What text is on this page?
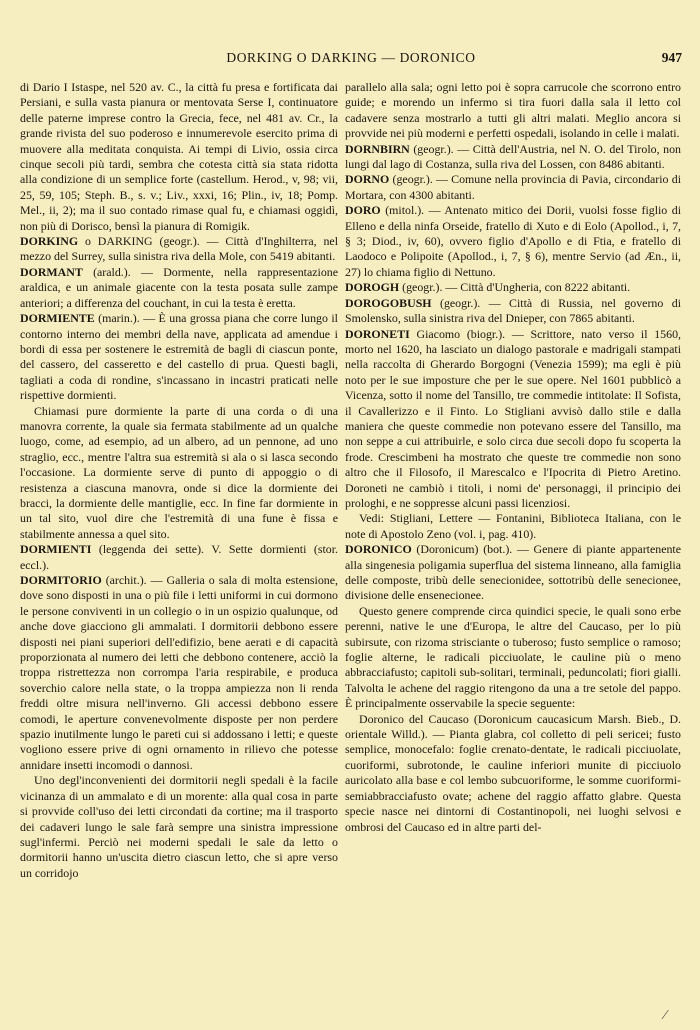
DORKING O DARKING — DORONICO	947

di Dario I Istaspe, nel 520 av. C., la città fu presa e fortificata dai Persiani, e sulla vasta pianura or mentovata Serse I, continuatore delle paterne imprese contro la Grecia, fece, nel 481 av. Cr., la grande rivista del suo poderoso e innumerevole esercito prima di muovere alla meditata conquista. Ai tempi di Livio, ossia circa cinque secoli più tardi, sembra che cotesta città sia stata ridotta alla condizione di un semplice forte (castellum. Herod., v, 98; vii, 25, 59, 105; Steph. B., s. v.; Liv., xxxi, 16; Plin., iv, 18; Pomp. Mel., ii, 2); ma il suo contado rimase qual fu, e chiamasi oggidì, non più di Dorisco, bensì la pianura di Romigik.

DORKING o DARKING (geogr.). — Città d'Inghilterra, nel mezzo del Surrey, sulla sinistra riva della Mole, con 5419 abitanti.

DORMANT (arald.). — Dormente, nella rappresentazione araldica, e un animale giacente con la testa posata sulle zampe anteriori; a differenza del couchant, in cui la testa è eretta.

DORMIENTE (marin.). — È una grossa piana che corre lungo il contorno interno dei membri della nave, applicata ad amendue i bordi di essa per sostenere le estremità de bagli di ciascun ponte, del cassero, del casseretto e del castello di prua. Questi bagli, tagliati a coda di rondine, s'incassano in incastri praticati nelle rispettive dormienti.

Chiamasi pure dormiente la parte di una corda o di una manovra corrente, la quale sia fermata stabilmente ad un qualche luogo, come, ad esempio, ad un albero, ad un pennone, ad uno straglio, ecc., mentre l'altra sua estremità si ala o si lasca secondo l'occasione. La dormiente serve di punto di appoggio o di resistenza a ciascuna manovra, onde si dice la dormiente dei bracci, la dormiente delle mantiglie, ecc. In fine far dormiente in un tal sito, vuol dire che l'estremità di una fune è fissa e stabilmente annessa a quel sito.

DORMIENTI (leggenda dei sette). V. Sette dormienti (stor. eccl.).

DORMITORIO (archit.). — Galleria o sala di molta estensione, dove sono disposti in una o più file i letti uniformi in cui dormono le persone conviventi in un collegio o in un ospizio qualunque, od anche dove giacciono gli ammalati. I dormitorii debbono essere disposti nei piani superiori dell'edifizio, bene aerati e di capacità proporzionata al numero dei letti che debbono contenere, acciò la troppa ristrettezza non corrompa l'aria respirabile, e produca soverchio calore nella state, o la troppa ampiezza non li renda freddi oltre misura nell'inverno. Gli accessi debbono essere comodi, le aperture convenevolmente disposte per non perdere spazio inutilmente lungo le pareti cui si addossano i letti; e queste vogliono essere prive di ogni ornamento in rilievo che potesse annidare insetti incomodi o dannosi.

Uno degl'inconvenienti dei dormitorii negli spedali è la facile vicinanza di un ammalato e di un morente: alla qual cosa in parte si provvide coll'uso dei letti circondati da cortine; ma il trasporto dei cadaveri lungo le sale farà sempre una sinistra impressione sugl'infermi. Perciò nei moderni spedali le sale da letto o dormitorii hanno un'uscita dietro ciascun letto, che si apre verso un corridojo

parallelo alla sala; ogni letto poi è sopra carrucole che scorrono entro guide; e morendo un infermo si tira fuori dalla sala il letto col cadavere senza mostrarlo a tutti gli altri malati. Meglio ancora si provvide nei più moderni e perfetti ospedali, isolando in celle i malati.

DORNBIRN (geogr.). — Città dell'Austria, nel N. O. del Tirolo, non lungi dal lago di Costanza, sulla riva del Lossen, con 8486 abitanti.

DORNO (geogr.). — Comune nella provincia di Pavia, circondario di Mortara, con 4300 abitanti.

DORO (mitol.). — Antenato mitico dei Dorii, vuolsi fosse figlio di Elleno e della ninfa Orseide, fratello di Xuto e di Eolo (Apollod., i, 7, § 3; Diod., iv, 60), ovvero figlio d'Apollo e di Ftia, e fratello di Laodoco e Polipoite (Apollod., i, 7, § 6), mentre Servio (ad Æn., ii, 27) lo chiama figlio di Nettuno.

DOROGH (geogr.). — Città d'Ungheria, con 8222 abitanti.

DOROGOBUSH (geogr.). — Città di Russia, nel governo di Smolensko, sulla sinistra riva del Dnieper, con 7865 abitanti.

DORONETI Giacomo (biogr.). — Scrittore, nato verso il 1560, morto nel 1620, ha lasciato un dialogo pastorale e madrigali stampati nella raccolta di Gherardo Borgogni (Venezia 1599); ma egli è più noto per le sue imposture che per le sue opere. Nel 1601 pubblicò a Vicenza, sotto il nome del Tansillo, tre commedie intitolate: Il Sofista, il Cavallerizzo e il Finto. Lo Stigliani avvisò dallo stile e dalla maniera che queste commedie non potevano essere del Tansillo, ma non seppe a cui attribuirle, e solo circa due secoli dopo fu scoperta la frode. Crescimbeni ha mostrato che queste tre commedie non sono altro che il Filosofo, il Marescalco e l'Ipocrita di Pietro Aretino. Doroneti ne cambiò i titoli, i nomi de' personaggi, il principio dei prologhi, e ne soppresse alcuni passi licenziosi.

Vedi: Stigliani, Lettere — Fontanini, Biblioteca Italiana, con le note di Apostolo Zeno (vol. i, pag. 410).

DORONICO (Doronicum) (bot.). — Genere di piante appartenente alla singenesia poligamia superflua del sistema linneano, alla famiglia delle composte, tribù delle senecionidee, sottotribù delle senecionee, divisione delle ensenecionee.

Questo genere comprende circa quindici specie, le quali sono erbe perenni, native le une d'Europa, le altre del Caucaso, per lo più subirsute, con rizoma strisciante o tuberoso; fusto semplice o ramoso; foglie alterne, le radicali picciuolate, le cauline più o meno abbracciafusto; capitoli sub-solitari, terminali, peduncolati; fiori gialli. Talvolta le achene del raggio ritengono da una a tre setole del pappo. È principalmente osservabile la specie seguente:

Doronico del Caucaso (Doronicum caucasicum Marsh. Bieb., D. orientale Willd.). — Pianta glabra, col colletto di peli sericei; fusto semplice, monocefalo: foglie crenato-dentate, le radicali picciuolate, cuoriformi, subrotonde, le cauline inferiori munite di picciuolo auricolato alla base e col lembo subcuoriforme, le somme cuoriformi-semiabbracciafusto ovate; achene del raggio affatto glabre. Questa specie nasce nei dintorni di Costantinopoli, nei luoghi selvosi e ombrosi del Caucaso ed in altre parti del-

⁄
